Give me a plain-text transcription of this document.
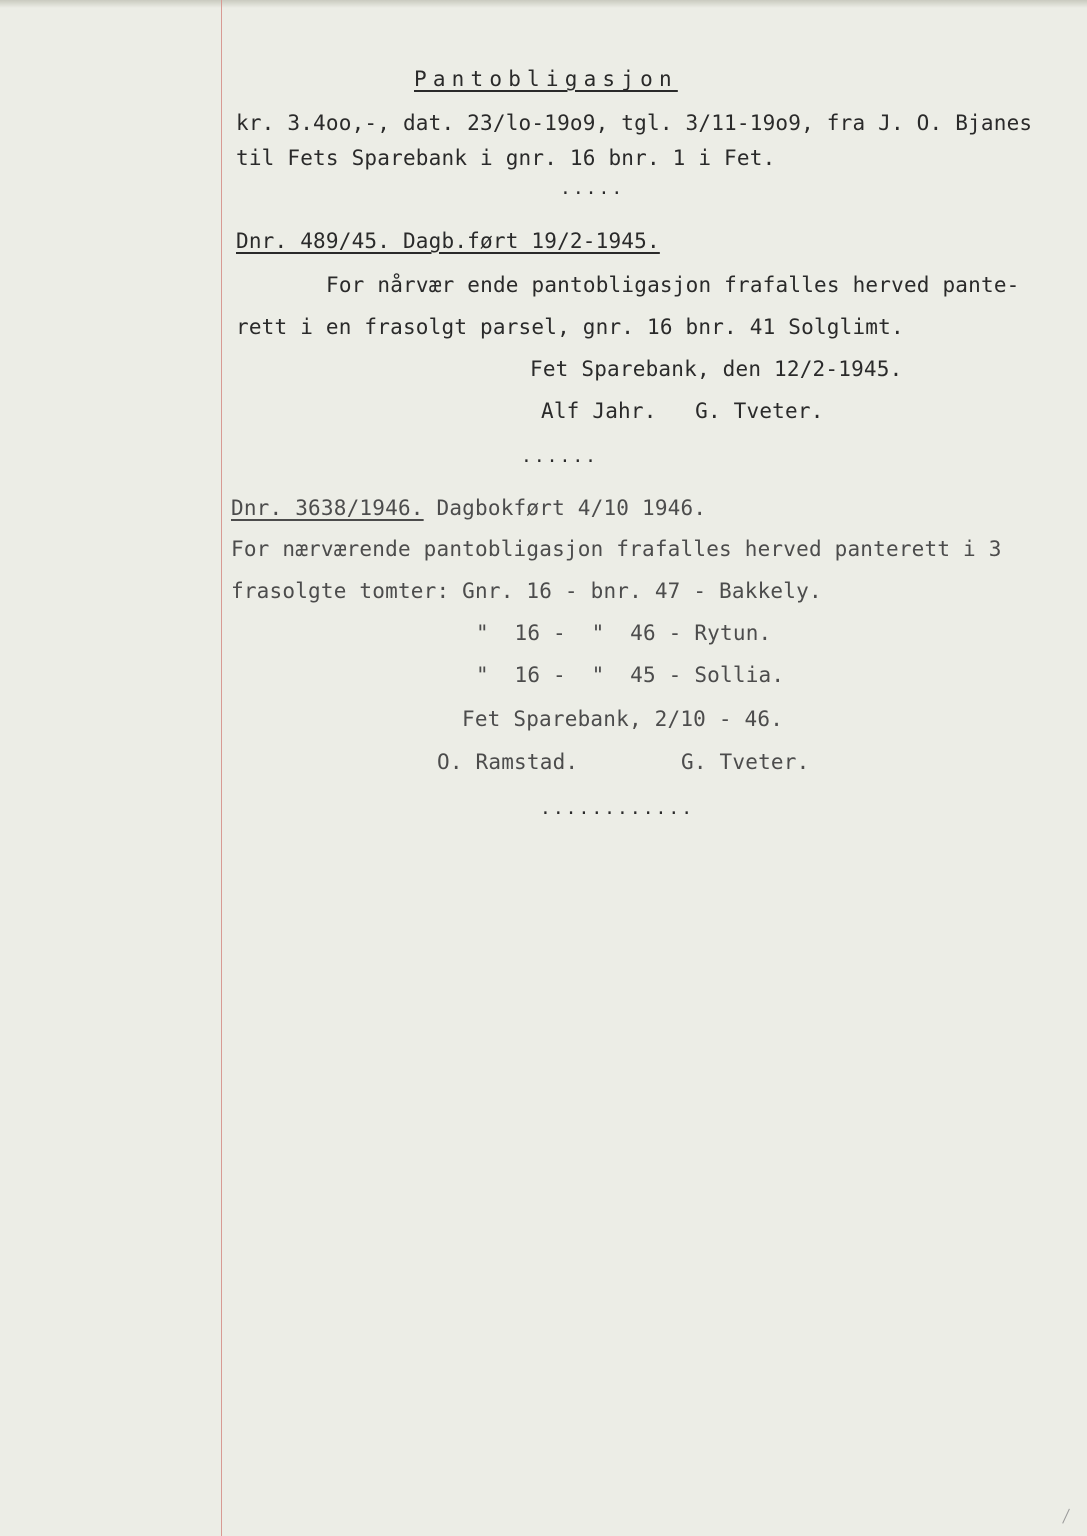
Pantobligasjon
kr. 3.4oo,-, dat. 23/lo-19o9, tgl. 3/11-19o9, fra J. O. Bjanes
til Fets Sparebank i gnr. 16 bnr. 1 i Fet.
.....
Dnr. 489/45. Dagb.ført 19/2-1945.
For nårvær ende pantobligasjon frafalles herved pante-
rett i en frasolgt parsel, gnr. 16 bnr. 41 Solglimt.
Fet Sparebank, den 12/2-1945.
Alf Jahr.   G. Tveter.
......
Dnr. 3638/1946. Dagbokført 4/10 1946.
For nærværende pantobligasjon frafalles herved panterett i 3
frasolgte tomter: Gnr. 16 - bnr. 47 - Bakkely.
"  16 -  "  46 - Rytun.
"  16 -  "  45 - Sollia.
Fet Sparebank, 2/10 - 46.
O. Ramstad.        G. Tveter.
............
